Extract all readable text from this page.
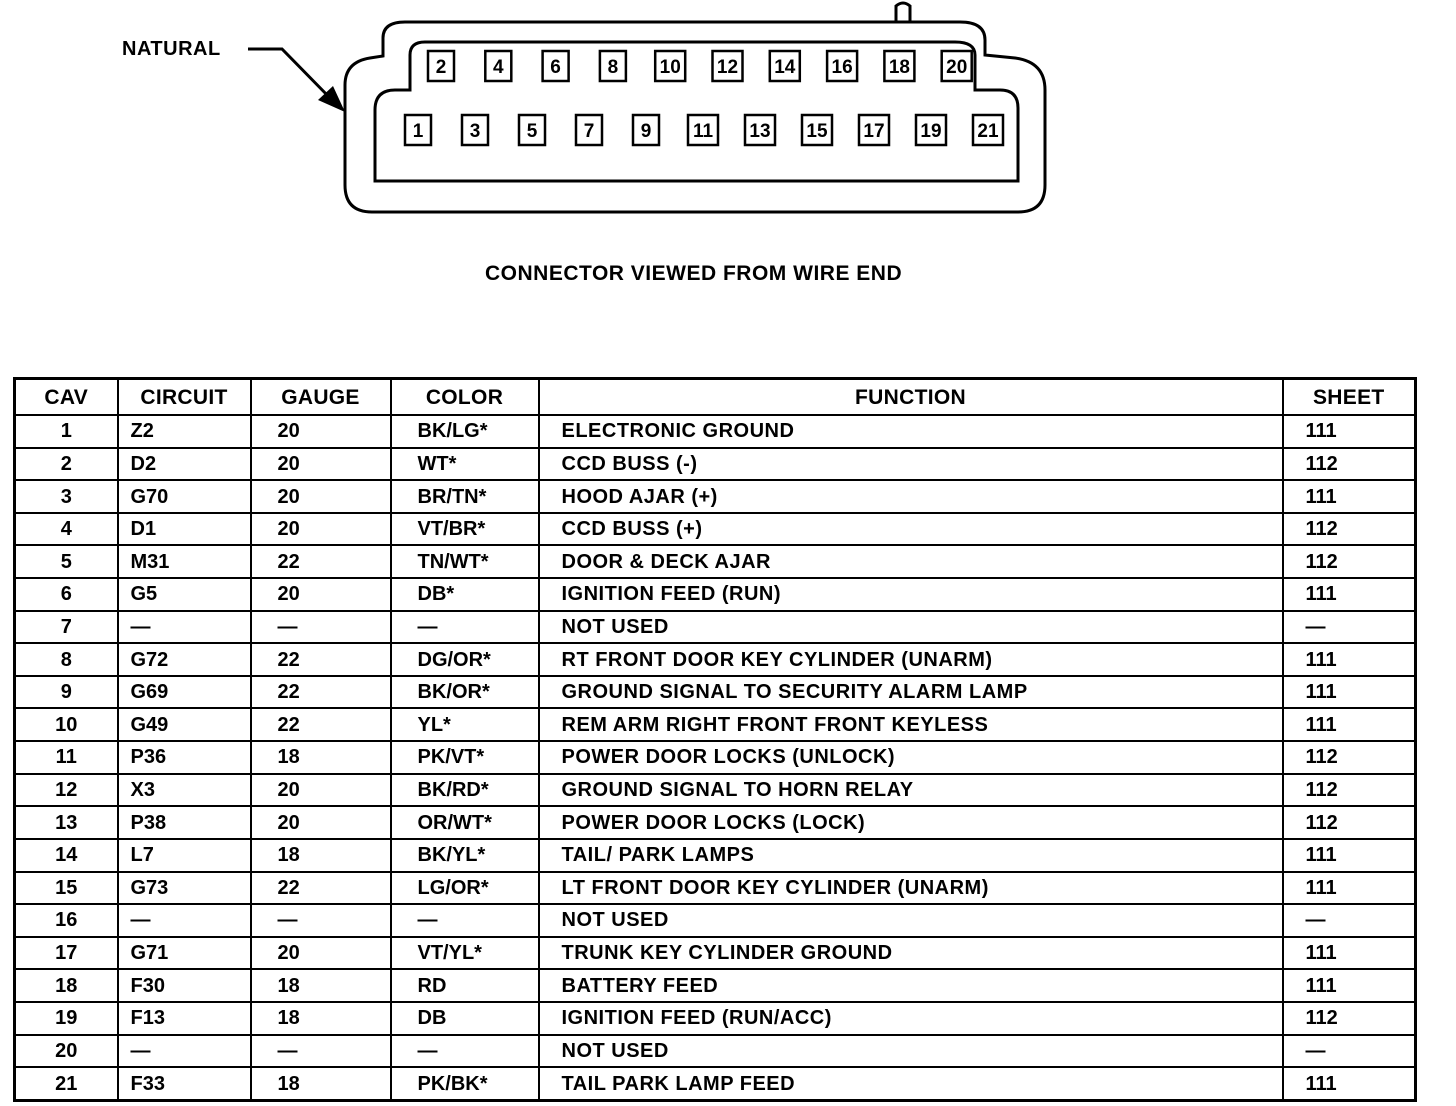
2 4 6 8 10 12 14 16 18 20
1 3 5 7 9 11 13 15 17 19 21
NATURAL
CONNECTOR VIEWED FROM WIRE END
CAV	CIRCUIT	GAUGE	COLOR	FUNCTION	SHEET
1	Z2	20	BK/LG*	ELECTRONIC GROUND	111
2	D2	20	WT*	CCD BUSS (-)	112
3	G70	20	BR/TN*	HOOD AJAR (+)	111
4	D1	20	VT/BR*	CCD BUSS (+)	112
5	M31	22	TN/WT*	DOOR & DECK AJAR	112
6	G5	20	DB*	IGNITION FEED (RUN)	111
7	—	—	—	NOT USED	—
8	G72	22	DG/OR*	RT FRONT DOOR KEY CYLINDER (UNARM)	111
9	G69	22	BK/OR*	GROUND SIGNAL TO SECURITY ALARM LAMP	111
10	G49	22	YL*	REM ARM RIGHT FRONT FRONT KEYLESS	111
11	P36	18	PK/VT*	POWER DOOR LOCKS (UNLOCK)	112
12	X3	20	BK/RD*	GROUND SIGNAL TO HORN RELAY	112
13	P38	20	OR/WT*	POWER DOOR LOCKS (LOCK)	112
14	L7	18	BK/YL*	TAIL/ PARK LAMPS	111
15	G73	22	LG/OR*	LT FRONT DOOR KEY CYLINDER (UNARM)	111
16	—	—	—	NOT USED	—
17	G71	20	VT/YL*	TRUNK KEY CYLINDER GROUND	111
18	F30	18	RD	BATTERY FEED	111
19	F13	18	DB	IGNITION FEED (RUN/ACC)	112
20	—	—	—	NOT USED	—
21	F33	18	PK/BK*	TAIL PARK LAMP FEED	111
